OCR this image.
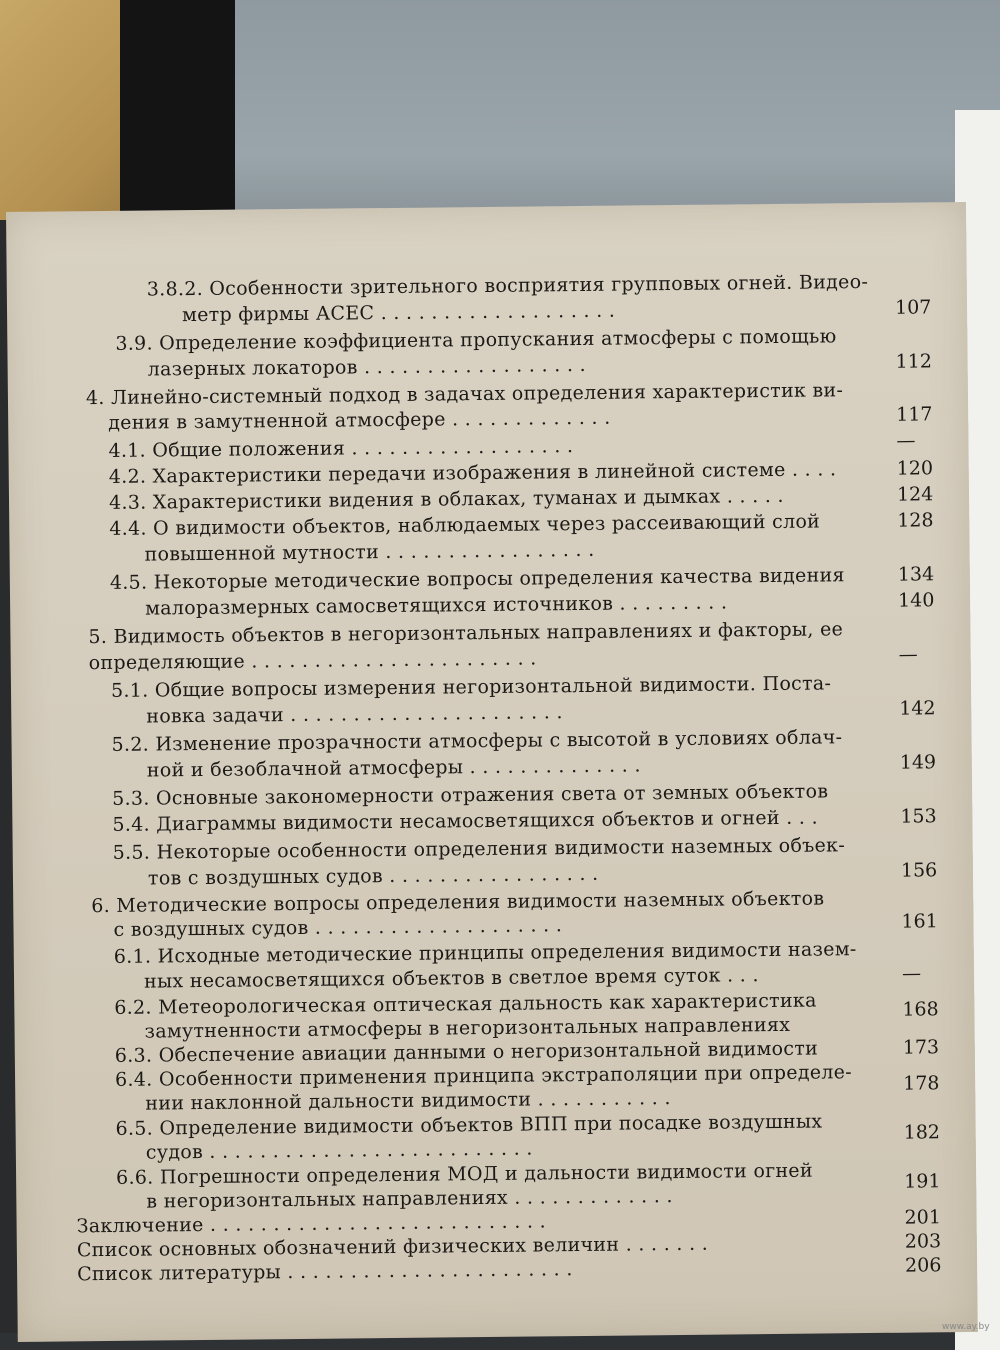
3.8.2. Особенности зрительного восприятия групповых огней. Видео-
метр фирмы АСЕС . . . . . . . . . . . . . . . . . . .
3.9. Определение коэффициента пропускания атмосферы с помощью
лазерных локаторов . . . . . . . . . . . . . . . . . .
4. Линейно-системный подход в задачах определения характеристик ви-
дения в замутненной атмосфере . . . . . . . . . . . . .
4.1. Общие положения . . . . . . . . . . . . . . . . . .
4.2. Характеристики передачи изображения в линейной системе . . . .
4.3. Характеристики видения в облаках, туманах и дымках . . . . .
4.4. О видимости объектов, наблюдаемых через рассеивающий слой
повышенной мутности . . . . . . . . . . . . . . . . .
4.5. Некоторые методические вопросы определения качества видения
малоразмерных самосветящихся источников . . . . . . . . .
5. Видимость объектов в негоризонтальных направлениях и факторы, ее
определяющие . . . . . . . . . . . . . . . . . . . . . . .
5.1. Общие вопросы измерения негоризонтальной видимости. Поста-
новка задачи . . . . . . . . . . . . . . . . . . . . . .
5.2. Изменение прозрачности атмосферы с высотой в условиях облач-
ной и безоблачной атмосферы . . . . . . . . . . . . . .
5.3. Основные закономерности отражения света от земных объектов
5.4. Диаграммы видимости несамосветящихся объектов и огней . . .
5.5. Некоторые особенности определения видимости наземных объек-
тов с воздушных судов . . . . . . . . . . . . . . . . .
6. Методические вопросы определения видимости наземных объектов
с воздушных судов . . . . . . . . . . . . . . . . . . . .
6.1. Исходные методические принципы определения видимости назем-
ных несамосветящихся объектов в светлое время суток . . .
6.2. Метеорологическая оптическая дальность как характеристика
замутненности атмосферы в негоризонтальных направлениях
6.3. Обеспечение авиации данными о негоризонтальной видимости
6.4. Особенности применения принципа экстраполяции при определе-
нии наклонной дальности видимости . . . . . . . . . . .
6.5. Определение видимости объектов ВПП при посадке воздушных
судов . . . . . . . . . . . . . . . . . . . . . . . . . .
6.6. Погрешности определения МОД и дальности видимости огней
в негоризонтальных направлениях . . . . . . . . . . . . .
Заключение . . . . . . . . . . . . . . . . . . . . . . . . . . .
Список основных обозначений физических величин . . . . . . .
Список литературы . . . . . . . . . . . . . . . . . . . . . . .
107
112
117
—
120
124
128
134
140
—
142
149
153
156
161
—
168
173
178
182
191
201
203
206
www.ay.by
